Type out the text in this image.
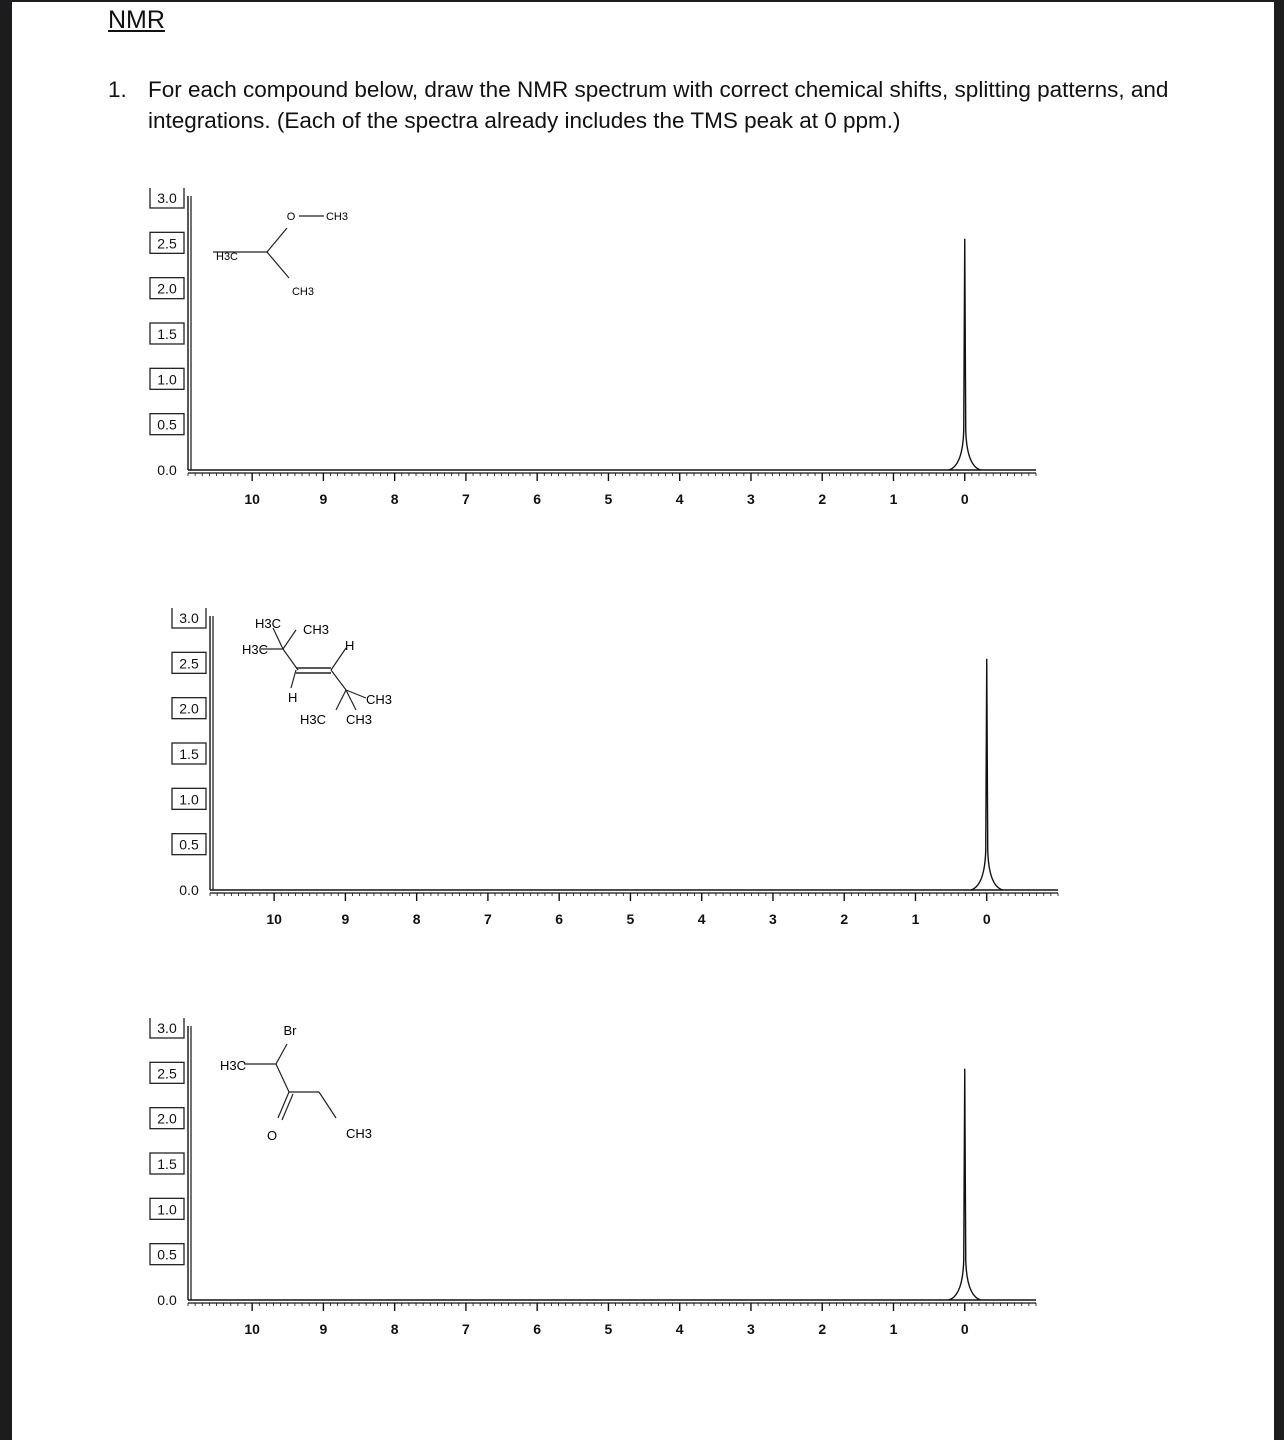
NMR
1. For each compound below, draw the NMR spectrum with correct chemical shifts, splitting patterns, and integrations. (Each of the spectra already includes the TMS peak at 0 ppm.)
H3C
O	CH3
CH3
3.0
2.5
2.0
1.5
1.0
0.5
0.0
10	9	8	7	6	5	4	3	2	1	0
H3C CH3
H3C	H
H	CH3
H3C CH3
3.0
2.5
2.0
1.5
1.0
0.5
0.0
10	9	8	7	6	5	4	3	2	1	0
Br
H3C
O	CH3
3.0
2.5
2.0
1.5
1.0
0.5
0.0
10	9	8	7	6	5	4	3	2	1	0
